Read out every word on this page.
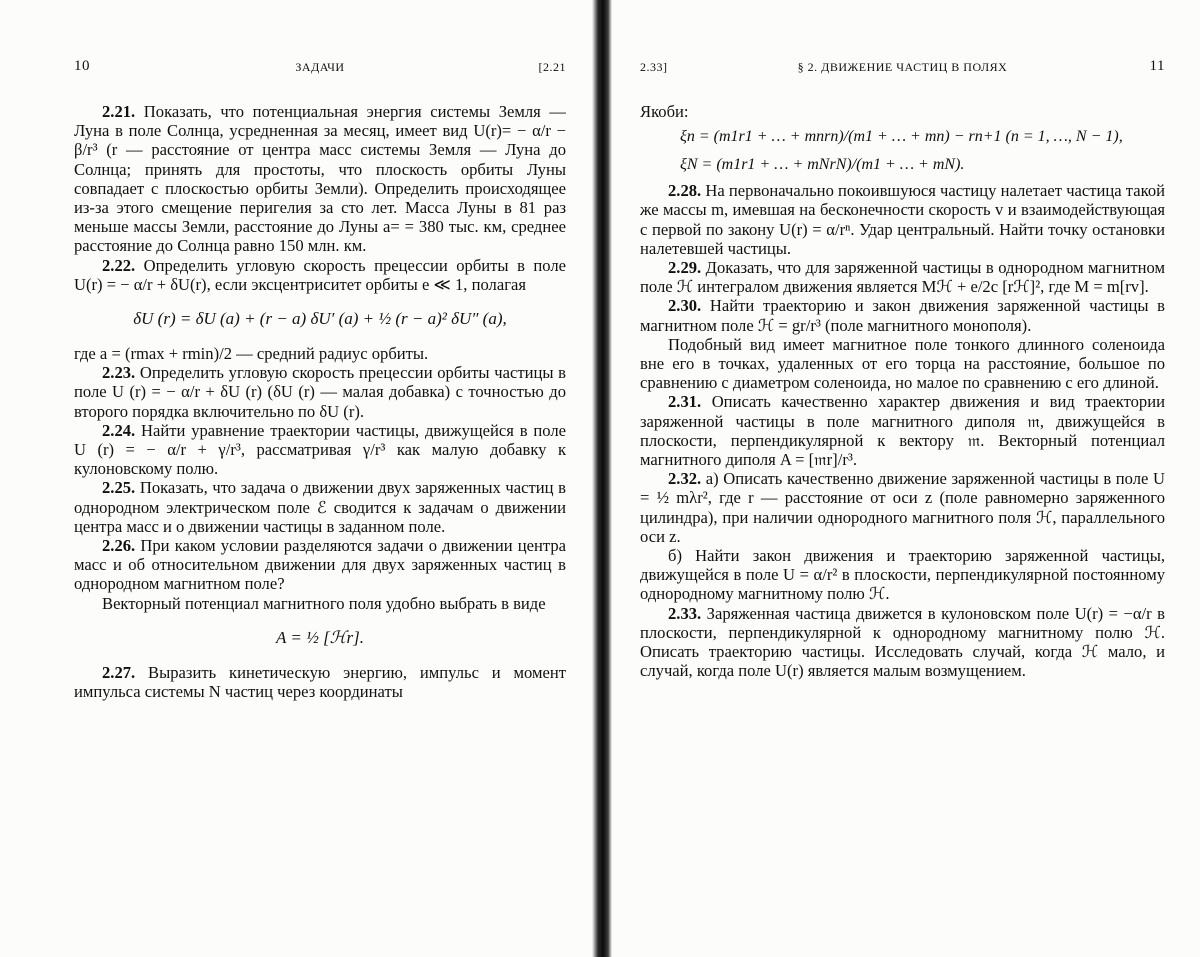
10	ЗАДАЧИ	[2.21

2.21. Показать, что потенциальная энергия системы Земля — Луна в поле Солнца, усредненная за месяц, имеет вид U(r)= − α/r − β/r³ (r — расстояние от центра масс системы Земля — Луна до Солнца; принять для простоты, что плоскость орбиты Луны совпадает с плоскостью орбиты Земли). Определить происходящее из-за этого смещение перигелия за сто лет. Масса Луны в 81 раз меньше массы Земли, расстояние до Луны a= = 380 тыс. км, среднее расстояние до Солнца равно 150 млн. км.

2.22. Определить угловую скорость прецессии орбиты в поле U(r) = − α/r + δU(r), если эксцентриситет орбиты e ≪ 1, полагая

δU (r) = δU (a) + (r − a) δU′ (a) + ½ (r − a)² δU″ (a),

где a = (rmax + rmin)/2 — средний радиус орбиты.

2.23. Определить угловую скорость прецессии орбиты частицы в поле U (r) = − α/r + δU (r) (δU (r) — малая добавка) с точностью до второго порядка включительно по δU (r).

2.24. Найти уравнение траектории частицы, движущейся в поле U (r) = − α/r + γ/r³, рассматривая γ/r³ как малую добавку к кулоновскому полю.

2.25. Показать, что задача о движении двух заряженных частиц в однородном электрическом поле ℰ сводится к задачам о движении центра масс и о движении частицы в заданном поле.

2.26. При каком условии разделяются задачи о движении центра масс и об относительном движении для двух заряженных частиц в однородном магнитном поле?

Векторный потенциал магнитного поля удобно выбрать в виде

A = ½ [ℋr].

2.27. Выразить кинетическую энергию, импульс и момент импульса системы N частиц через координаты

2.33]	§ 2. ДВИЖЕНИЕ ЧАСТИЦ В ПОЛЯХ	11

Якоби:

ξn = (m1r1 + … + mnrn)/(m1 + … + mn) − rn+1 (n = 1, …, N − 1),
ξN = (m1r1 + … + mNrN)/(m1 + … + mN).

2.28. На первоначально покоившуюся частицу налетает частица такой же массы m, имевшая на бесконечности скорость v и взаимодействующая с первой по закону U(r) = α/rⁿ. Удар центральный. Найти точку остановки налетевшей частицы.

2.29. Доказать, что для заряженной частицы в однородном магнитном поле ℋ интегралом движения является Mℋ + e/2c [rℋ]², где M = m[rv].

2.30. Найти траекторию и закон движения заряженной частицы в магнитном поле ℋ = gr/r³ (поле магнитного монополя).

Подобный вид имеет магнитное поле тонкого длинного соленоида вне его в точках, удаленных от его торца на расстояние, большое по сравнению с диаметром соленоида, но малое по сравнению с его длиной.

2.31. Описать качественно характер движения и вид траектории заряженной частицы в поле магнитного диполя 𝔪, движущейся в плоскости, перпендикулярной к вектору 𝔪. Векторный потенциал магнитного диполя A = [𝔪r]/r³.

2.32. а) Описать качественно движение заряженной частицы в поле U = ½ mλr², где r — расстояние от оси z (поле равномерно заряженного цилиндра), при наличии однородного магнитного поля ℋ, параллельного оси z.

б) Найти закон движения и траекторию заряженной частицы, движущейся в поле U = α/r² в плоскости, перпендикулярной постоянному однородному магнитному полю ℋ.

2.33. Заряженная частица движется в кулоновском поле U(r) = −α/r в плоскости, перпендикулярной к однородному магнитному полю ℋ. Описать траекторию частицы. Исследовать случай, когда ℋ мало, и случай, когда поле U(r) является малым возмущением.
